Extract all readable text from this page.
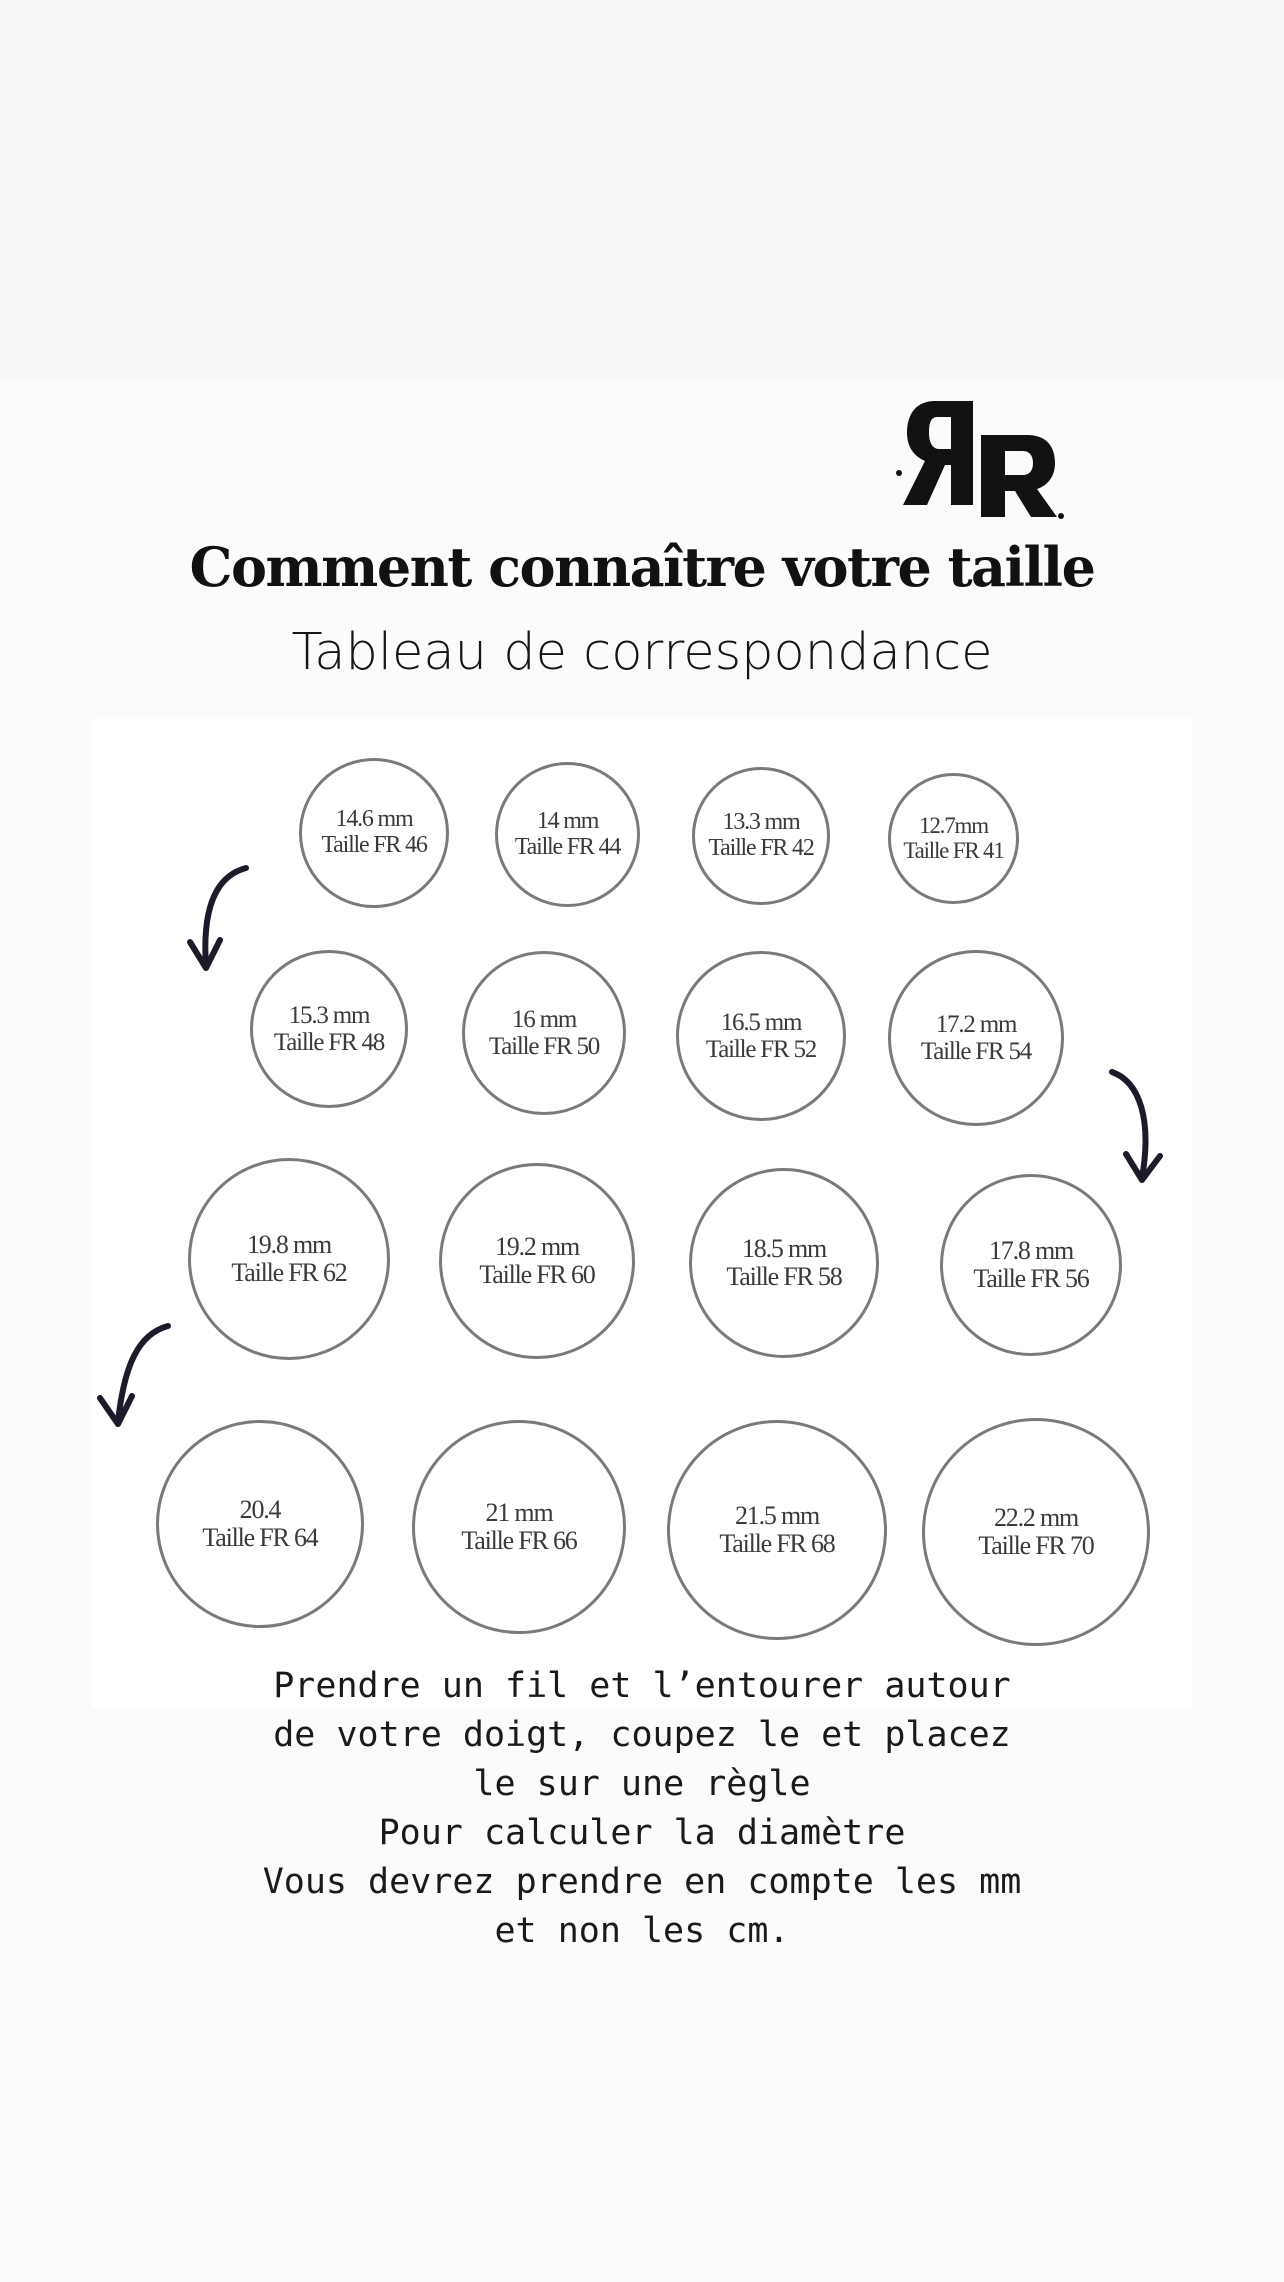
Comment connaître votre taille
Tableau de correspondance
14.6 mm
Taille FR 46
14 mm
Taille FR 44
13.3 mm
Taille FR 42
12.7mm
Taille FR 41
15.3 mm
Taille FR 48
16 mm
Taille FR 50
16.5 mm
Taille FR 52
17.2 mm
Taille FR 54
19.8 mm
Taille FR 62
19.2 mm
Taille FR 60
18.5 mm
Taille FR 58
17.8 mm
Taille FR 56
20.4
Taille FR 64
21 mm
Taille FR 66
21.5 mm
Taille FR 68
22.2 mm
Taille FR 70
Prendre un fil et l’entourer autour
de votre doigt, coupez le et placez
le sur une règle
Pour calculer la diamètre
Vous devrez prendre en compte les mm
et non les cm.
